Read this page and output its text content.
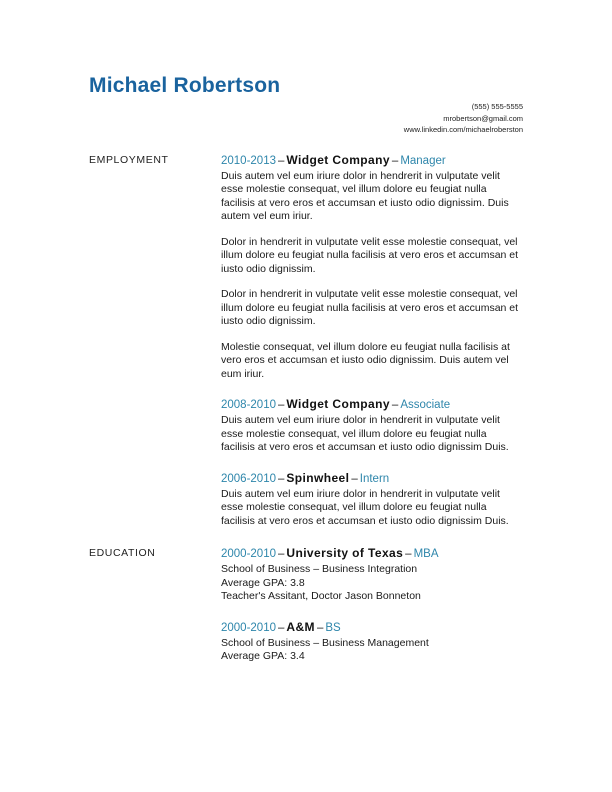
Michael Robertson
(555) 555-5555
mrobertson@gmail.com
www.linkedin.com/michaelroberston
EMPLOYMENT	2010-2013 – Widget Company – Manager

Duis autem vel eum iriure dolor in hendrerit in vulputate velit esse molestie consequat, vel illum dolore eu feugiat nulla facilisis at vero eros et accumsan et iusto odio dignissim. Duis autem vel eum iriur.

Dolor in hendrerit in vulputate velit esse molestie consequat, vel illum dolore eu feugiat nulla facilisis at vero eros et accumsan et iusto odio dignissim.

Dolor in hendrerit in vulputate velit esse molestie consequat, vel illum dolore eu feugiat nulla facilisis at vero eros et accumsan et iusto odio dignissim.

Molestie consequat, vel illum dolore eu feugiat nulla facilisis at vero eros et accumsan et iusto odio dignissim. Duis autem vel eum iriur.

2008-2010 – Widget Company – Associate

Duis autem vel eum iriure dolor in hendrerit in vulputate velit esse molestie consequat, vel illum dolore eu feugiat nulla facilisis at vero eros et accumsan et iusto odio dignissim Duis.

2006-2010 – Spinwheel – Intern

Duis autem vel eum iriure dolor in hendrerit in vulputate velit esse molestie consequat, vel illum dolore eu feugiat nulla facilisis at vero eros et accumsan et iusto odio dignissim Duis.

EDUCATION	2000-2010 – University of Texas – MBA
School of Business – Business Integration
Average GPA: 3.8
Teacher's Assitant, Doctor Jason Bonneton
2000-2010 – A&M – BS
School of Business – Business Management
Average GPA: 3.4
